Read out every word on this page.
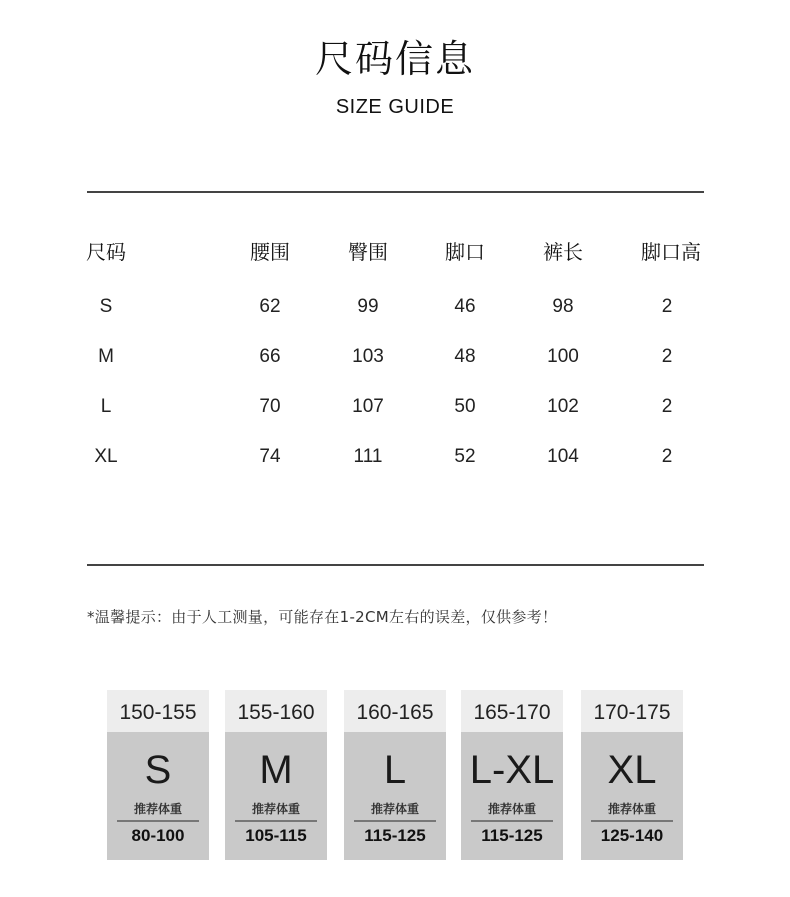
尺码信息
SIZE GUIDE
尺码	腰围	臀围	脚口	裤长	脚口高
S	62	99	46	98	2
M	66	103	48	100	2
L	70	107	50	102	2
XL	74	111	52	104	2
*温馨提示：由于人工测量，可能存在1-2CM左右的误差，仅供参考！
150-155
S
推荐体重
80-100
155-160
M
推荐体重
105-115
160-165
L
推荐体重
115-125
165-170
L-XL
推荐体重
115-125
170-175
XL
推荐体重
125-140
